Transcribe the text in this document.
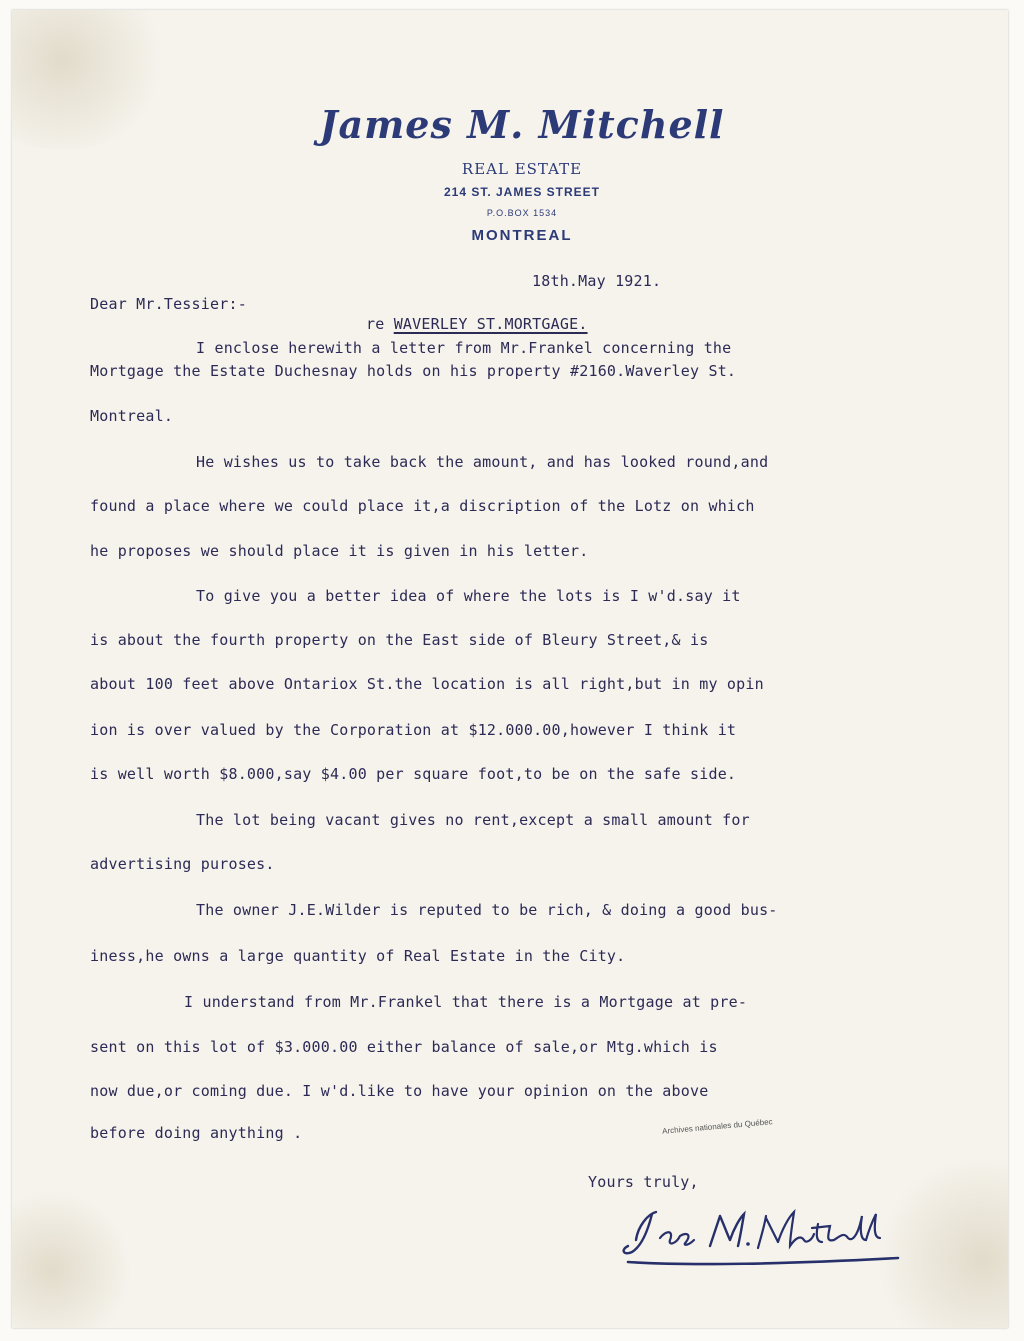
James M. Mitchell
REAL ESTATE
214 ST. JAMES STREET
P.O.BOX 1534
MONTREAL
18th.May 1921.
Dear Mr.Tessier:-
re WAVERLEY ST.MORTGAGE.
I enclose herewith a letter from Mr.Frankel concerning the
Mortgage the Estate Duchesnay holds on his property #2160.Waverley St.
Montreal.
He wishes us to take back the amount, and has looked round,and
found a place where we could place it,a discription of the Lotz on which
he proposes we should place it is given in his letter.
To give you a better idea of where the lots is I w'd.say it
is about the fourth property on the East side of Bleury Street,& is
about 100 feet above Ontariox St.the location is all right,but in my opin
ion is over valued by the Corporation at $12.000.00,however I think it
is well worth $8.000,say $4.00 per square foot,to be on the safe side.
The lot being vacant gives no rent,except a small amount for
advertising puroses.
The owner J.E.Wilder is reputed to be rich, & doing a good bus-
iness,he owns a large quantity of Real Estate in the City.
I understand from Mr.Frankel that there is a Mortgage at pre-
sent on this lot of $3.000.00 either balance of sale,or Mtg.which is
now due,or coming due. I w'd.like to have your opinion on the above
before doing anything .	Archives nationales du Québec
Yours truly,
